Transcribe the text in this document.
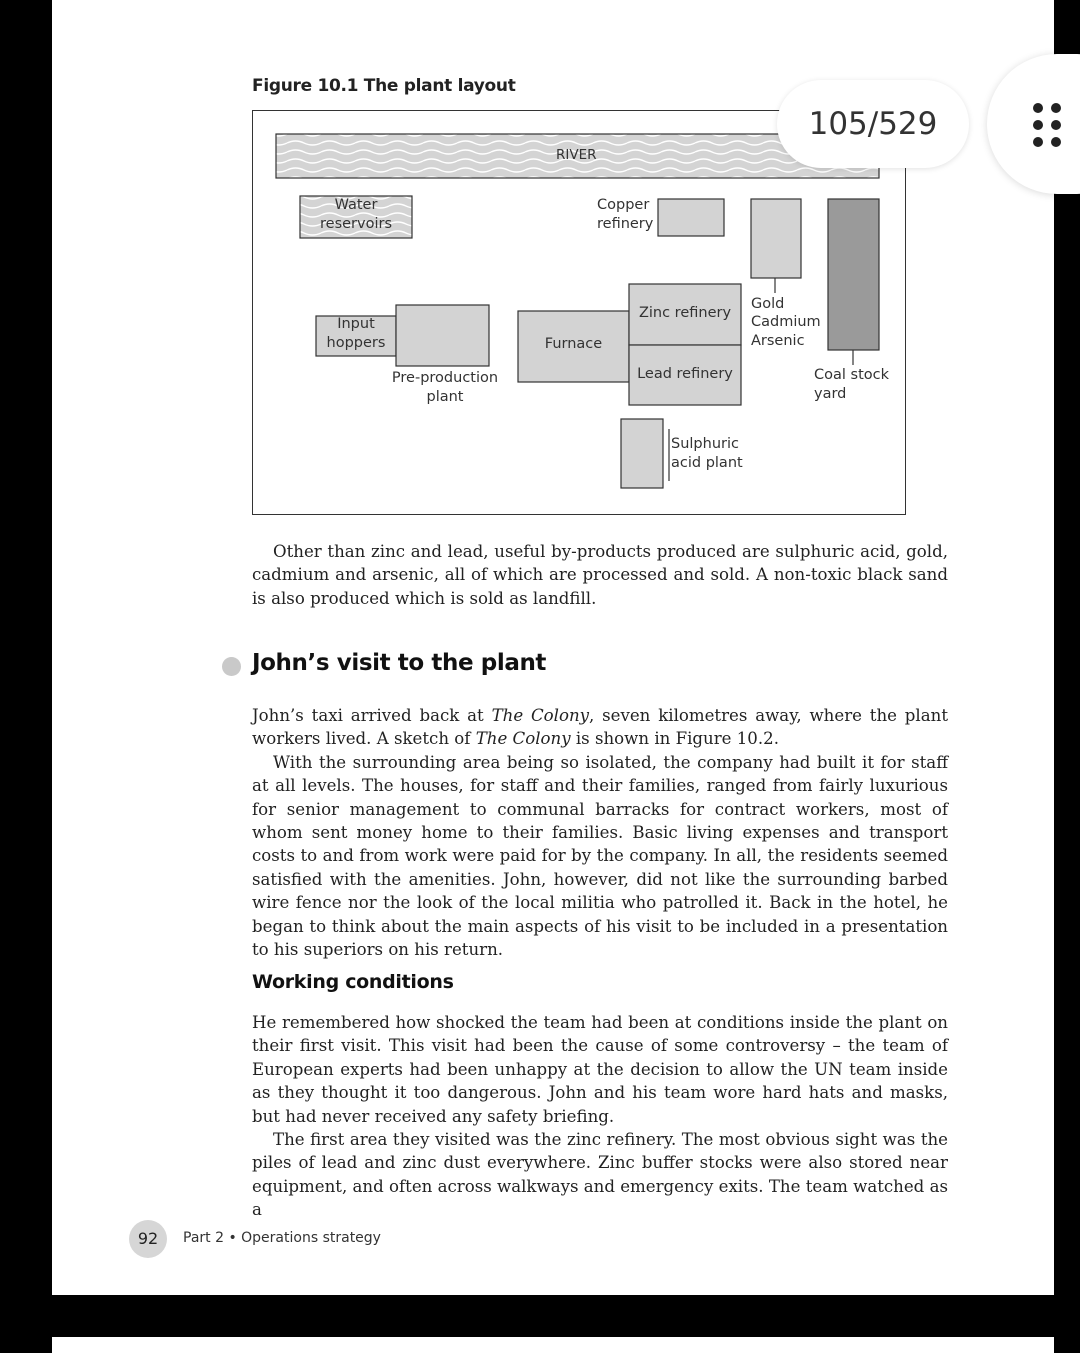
Figure 10.1 The plant layout
RIVER
Water
reservoirs
Copper
refinery
Input
hoppers
Pre-production
plant
Furnace
Zinc refinery
Lead refinery
Gold
Cadmium
Arsenic
Coal stock
yard
Sulphuric
acid plant

Other than zinc and lead, useful by-products produced are sulphuric acid, gold, cadmium and arsenic, all of which are processed and sold. A non-toxic black sand is also produced which is sold as landfill.

John’s visit to the plant

John’s taxi arrived back at The Colony, seven kilometres away, where the plant workers lived. A sketch of The Colony is shown in Figure 10.2.

With the surrounding area being so isolated, the company had built it for staff at all levels. The houses, for staff and their families, ranged from fairly luxurious for senior management to communal barracks for contract workers, most of whom sent money home to their families. Basic living expenses and transport costs to and from work were paid for by the company. In all, the residents seemed satisfied with the amenities. John, however, did not like the surrounding barbed wire fence nor the look of the local militia who patrolled it. Back in the hotel, he began to think about the main aspects of his visit to be included in a presentation to his superiors on his return.

Working conditions

He remembered how shocked the team had been at conditions inside the plant on their first visit. This visit had been the cause of some controversy – the team of European experts had been unhappy at the decision to allow the UN team inside as they thought it too dangerous. John and his team wore hard hats and masks, but had never received any safety briefing.

The first area they visited was the zinc refinery. The most obvious sight was the piles of lead and zinc dust everywhere. Zinc buffer stocks were also stored near equipment, and often across walkways and emergency exits. The team watched as a

92	Part 2 • Operations strategy
105/529
